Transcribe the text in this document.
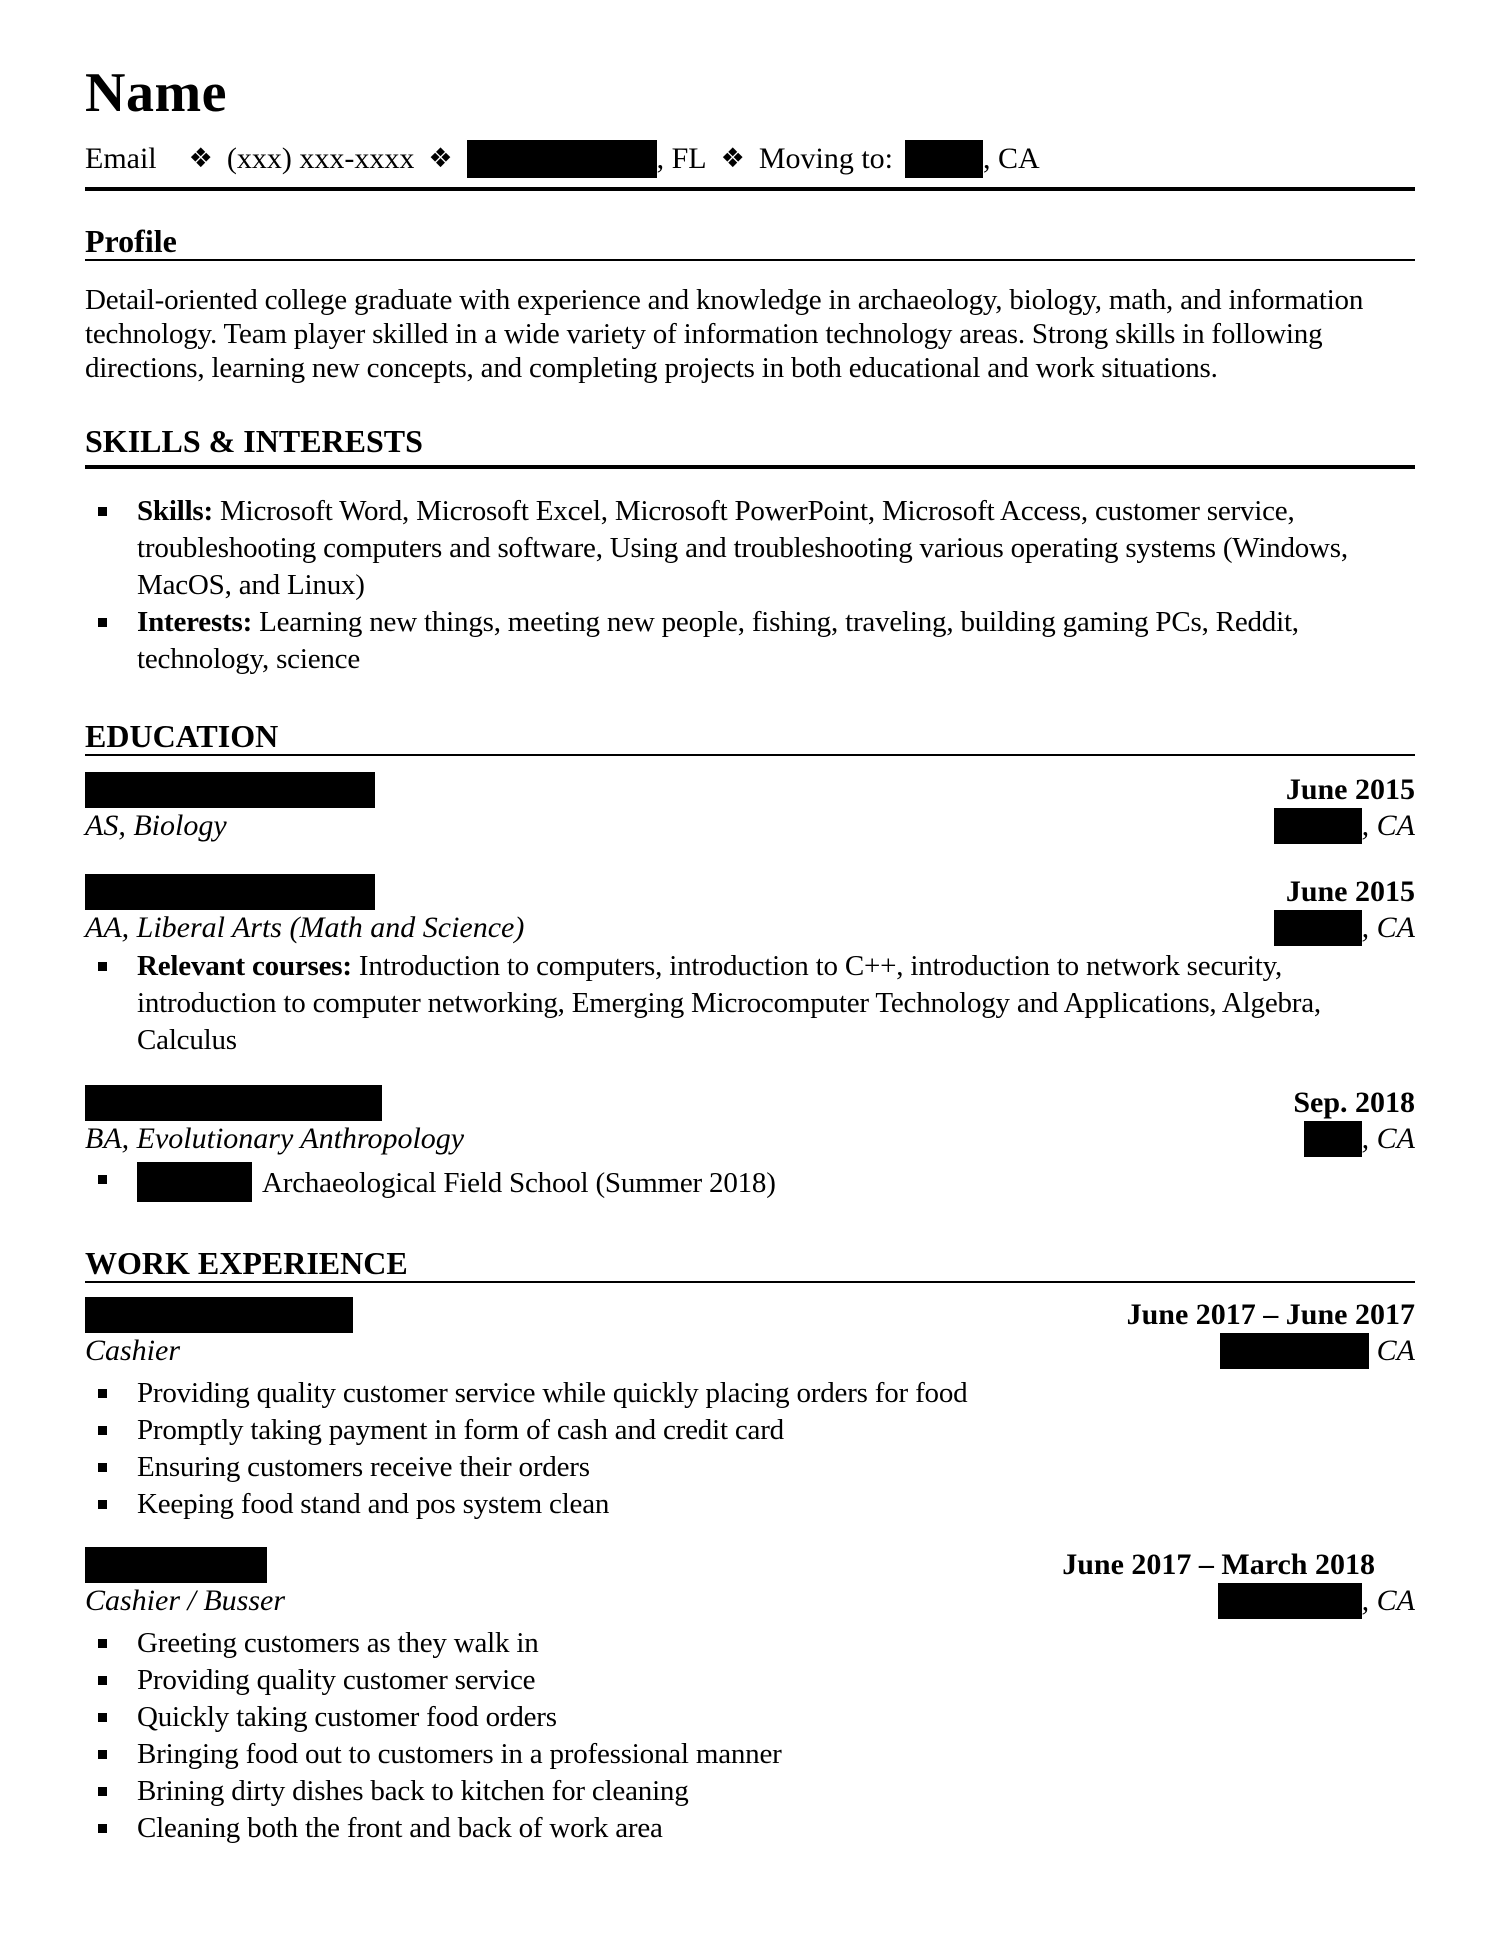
Name
Email ❖ (xxx) xxx-xxxx ❖	, FL ❖ Moving to:	, CA
Profile

Detail-oriented college graduate with experience and knowledge in archaeology, biology, math, and information technology. Team player skilled in a wide variety of information technology areas. Strong skills in following directions, learning new concepts, and completing projects in both educational and work situations.

SKILLS & INTERESTS
Skills: Microsoft Word, Microsoft Excel, Microsoft PowerPoint, Microsoft Access, customer service, troubleshooting computers and software, Using and troubleshooting various operating systems (Windows, MacOS, and Linux)
Interests: Learning new things, meeting new people, fishing, traveling, building gaming PCs, Reddit, technology, science
EDUCATION
June 2015
AS, Biology	, CA
June 2015
AA, Liberal Arts (Math and Science)	, CA
Relevant courses: Introduction to computers, introduction to C++, introduction to network security, introduction to computer networking, Emerging Microcomputer Technology and Applications, Algebra, Calculus
Sep. 2018
BA, Evolutionary Anthropology	, CA
Archaeological Field School (Summer 2018)
WORK EXPERIENCE
June 2017 – June 2017
Cashier	CA
Providing quality customer service while quickly placing orders for food
Promptly taking payment in form of cash and credit card
Ensuring customers receive their orders
Keeping food stand and pos system clean
June 2017 – March 2018
Cashier / Busser	, CA
Greeting customers as they walk in
Providing quality customer service
Quickly taking customer food orders
Bringing food out to customers in a professional manner
Brining dirty dishes back to kitchen for cleaning
Cleaning both the front and back of work area
